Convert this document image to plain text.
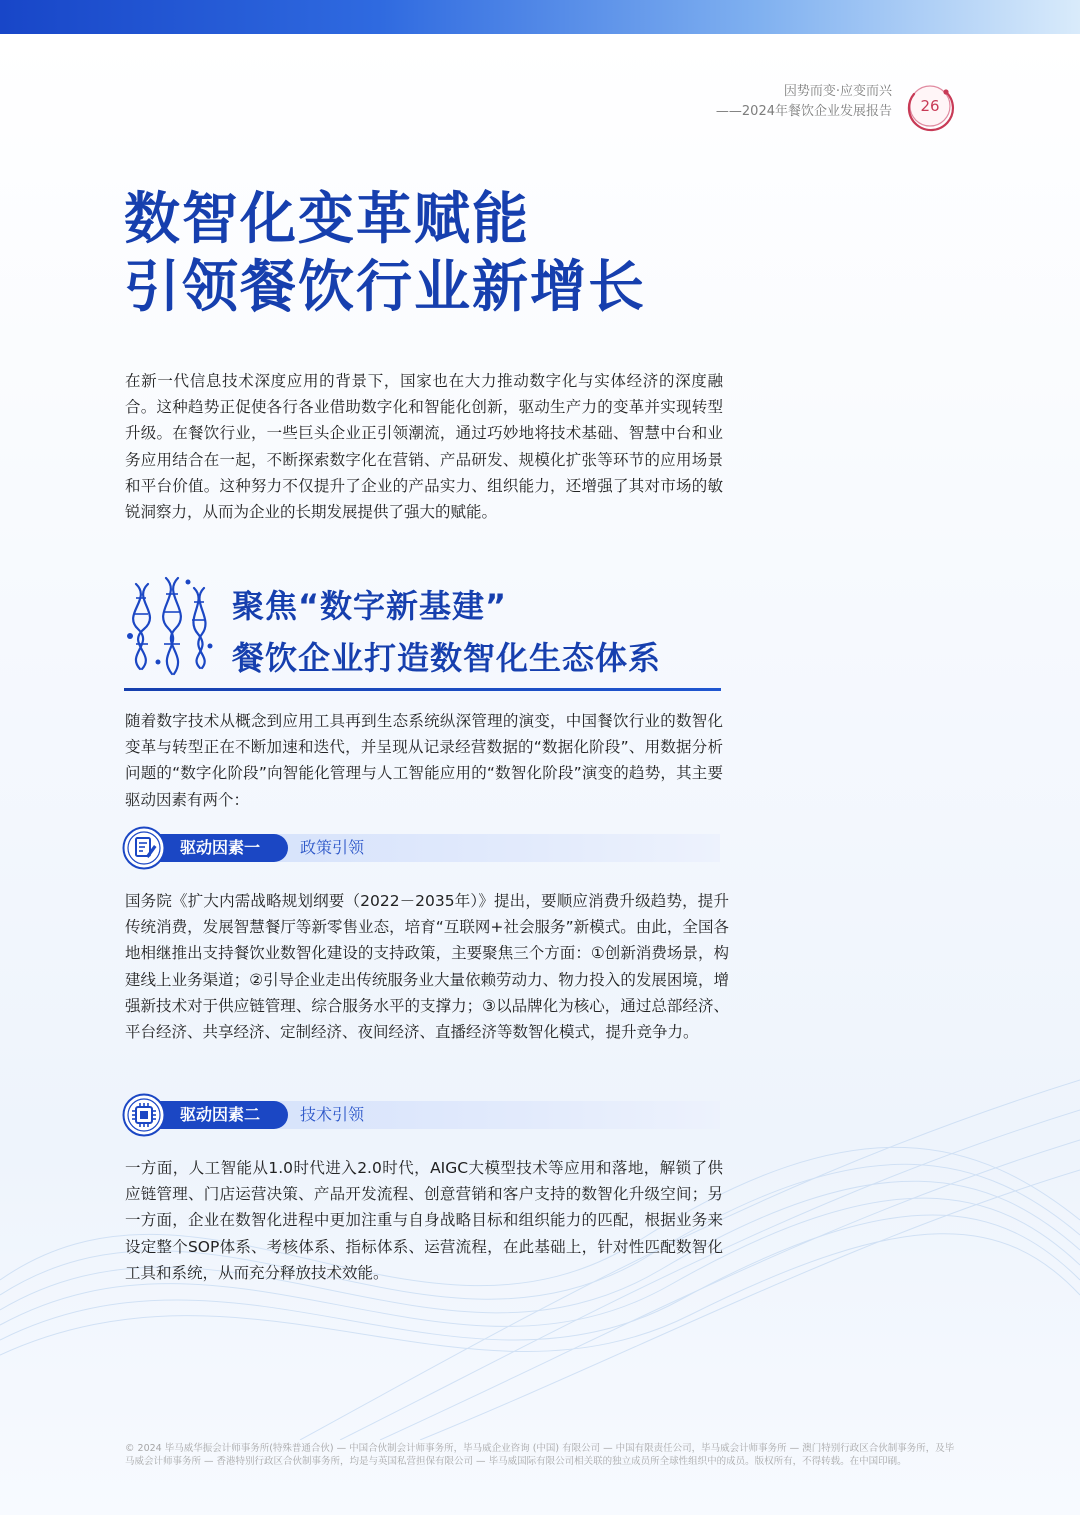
因势而变·应变而兴
——2024年餐饮企业发展报告	26
数智化变革赋能
引领餐饮行业新增长

在新一代信息技术深度应用的背景下，国家也在大力推动数字化与实体经济的深度融合。这种趋势正促使各行各业借助数字化和智能化创新，驱动生产力的变革并实现转型升级。在餐饮行业，一些巨头企业正引领潮流，通过巧妙地将技术基础、智慧中台和业务应用结合在一起，不断探索数字化在营销、产品研发、规模化扩张等环节的应用场景和平台价值。这种努力不仅提升了企业的产品实力、组织能力，还增强了其对市场的敏锐洞察力，从而为企业的长期发展提供了强大的赋能。

聚焦“数字新基建”
餐饮企业打造数智化生态体系

随着数字技术从概念到应用工具再到生态系统纵深管理的演变，中国餐饮行业的数智化变革与转型正在不断加速和迭代，并呈现从记录经营数据的“数据化阶段”、用数据分析问题的“数字化阶段”向智能化管理与人工智能应用的“数智化阶段”演变的趋势，其主要驱动因素有两个：

驱动因素一 政策引领

国务院《扩大内需战略规划纲要（2022－2035年）》提出，要顺应消费升级趋势，提升传统消费，发展智慧餐厅等新零售业态，培育“互联网+社会服务”新模式。由此，全国各地相继推出支持餐饮业数智化建设的支持政策，主要聚焦三个方面：①创新消费场景，构建线上业务渠道；②引导企业走出传统服务业大量依赖劳动力、物力投入的发展困境，增强新技术对于供应链管理、综合服务水平的支撑力；③以品牌化为核心，通过总部经济、平台经济、共享经济、定制经济、夜间经济、直播经济等数智化模式，提升竞争力。

驱动因素二 技术引领

一方面，人工智能从1.0时代进入2.0时代，AIGC大模型技术等应用和落地，解锁了供应链管理、门店运营决策、产品开发流程、创意营销和客户支持的数智化升级空间；另一方面，企业在数智化进程中更加注重与自身战略目标和组织能力的匹配，根据业务来设定整个SOP体系、考核体系、指标体系、运营流程，在此基础上，针对性匹配数智化工具和系统，从而充分释放技术效能。

© 2024 毕马威华振会计师事务所(特殊普通合伙) — 中国合伙制会计师事务所，毕马威企业咨询 (中国) 有限公司 — 中国有限责任公司，毕马威会计师事务所 — 澳门特别行政区合伙制事务所，及毕马威会计师事务所 — 香港特别行政区合伙制事务所，均是与英国私营担保有限公司 — 毕马威国际有限公司相关联的独立成员所全球性组织中的成员。版权所有，不得转载。在中国印刷。
